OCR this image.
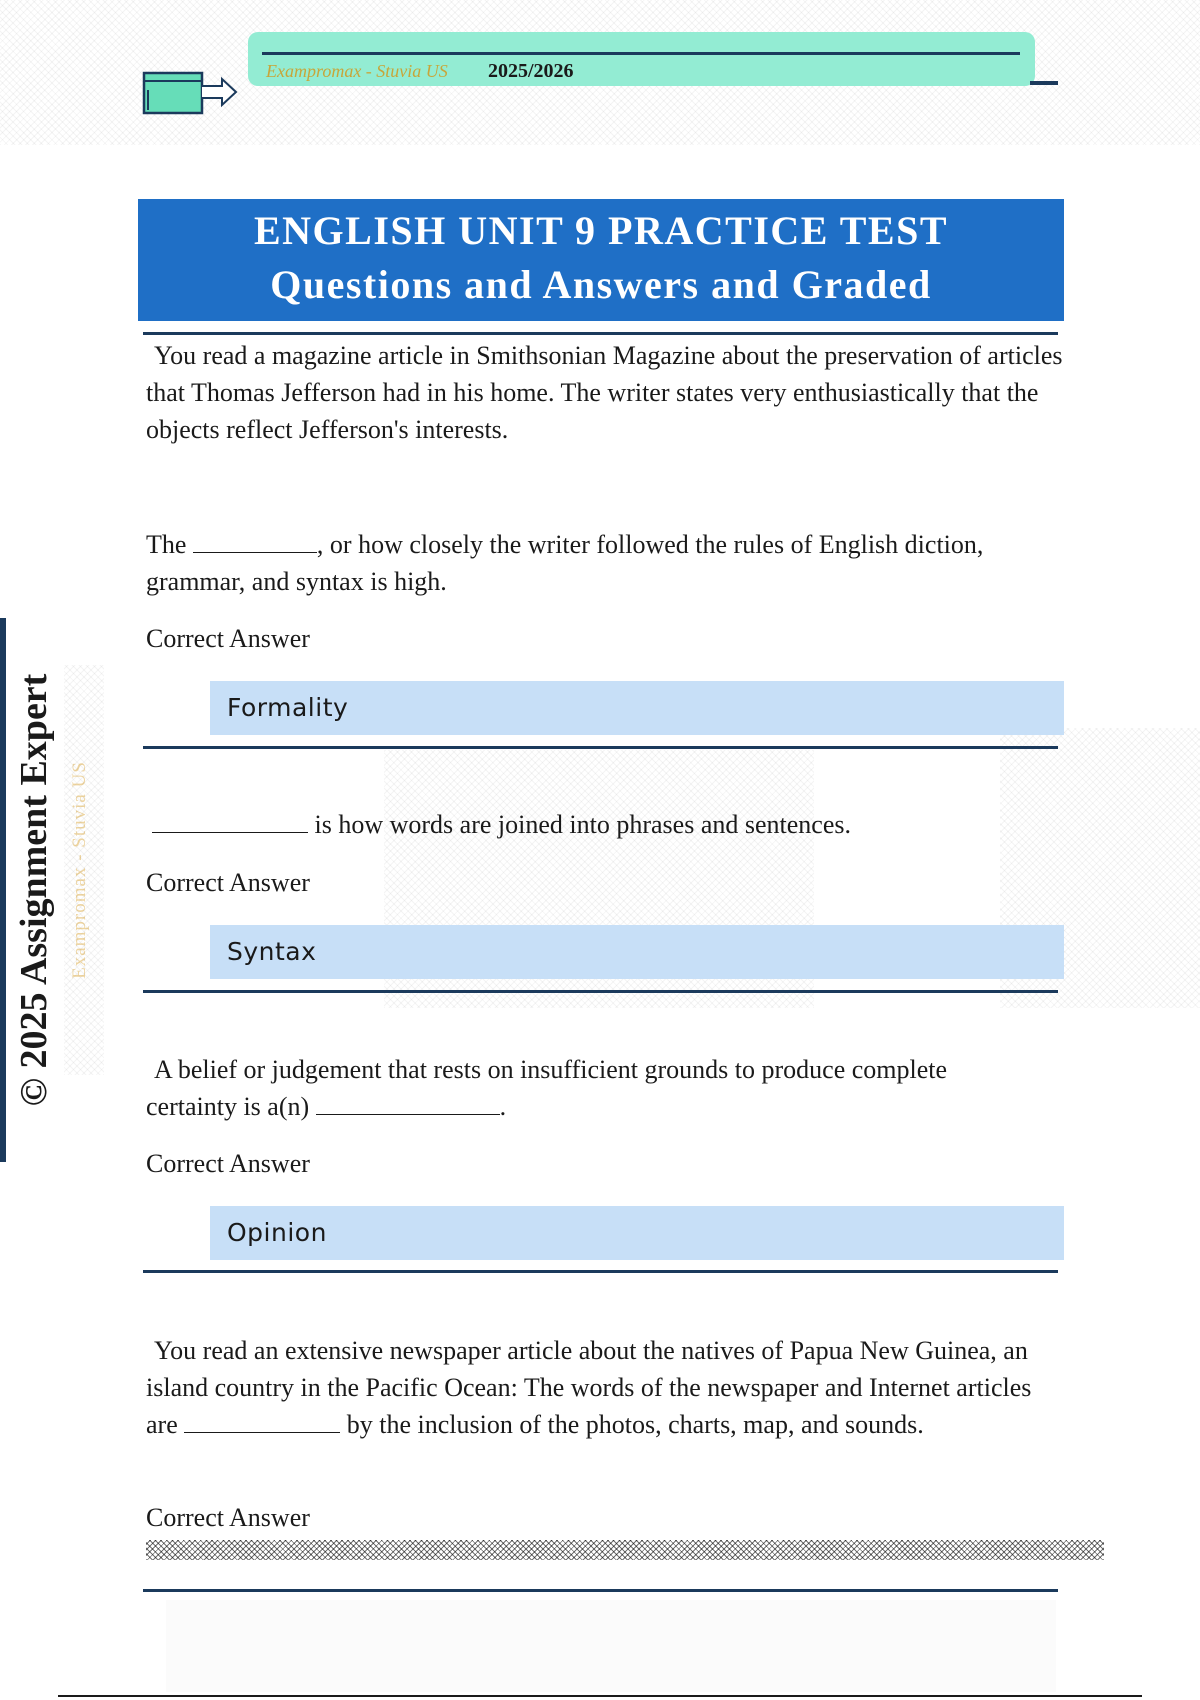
Exampromax - Stuvia US 2025/2026
© 2025 Assignment Expert Exampromax - Stuvia US
ENGLISH UNIT 9 PRACTICE TEST
Questions and Answers and Graded
You read a magazine article in Smithsonian Magazine about the preservation of articles that Thomas Jefferson had in his home. The writer states very enthusiastically that the objects reflect Jefferson's interests.
The	, or how closely the writer followed the rules of English diction, grammar, and syntax is high.
Correct Answer
Formality
is how words are joined into phrases and sentences.
Correct Answer
Syntax
A belief or judgement that rests on insufficient grounds to produce complete certainty is a(n)	.
Correct Answer
Opinion
You read an extensive newspaper article about the natives of Papua New Guinea, an island country in the Pacific Ocean: The words of the newspaper and Internet articles are	by the inclusion of the photos, charts, map, and sounds.
Correct Answer
